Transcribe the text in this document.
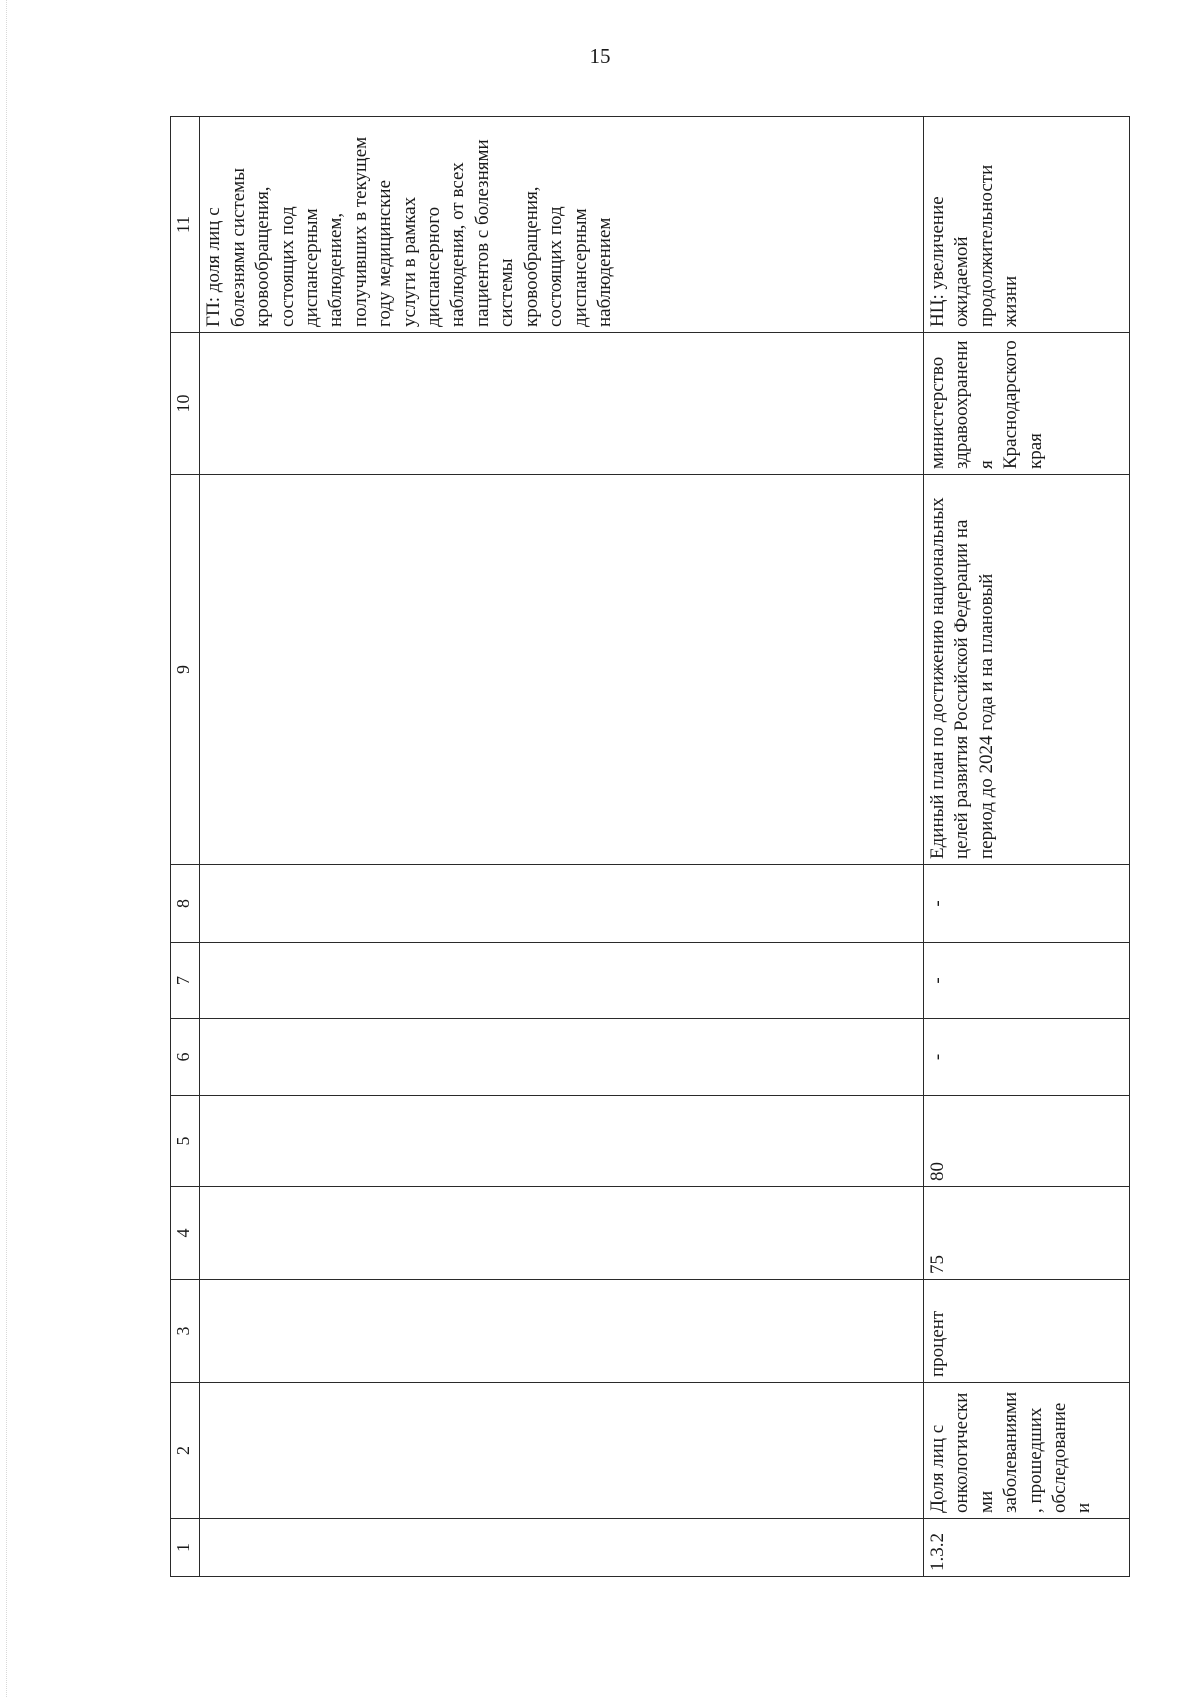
15
1	2	3	4	5	6	7	8	9	10	11
										ГП: доля лиц с болезнями системы кровообращения, состоящих под диспансерным наблюдением, получивших в текущем году медицинские услуги в рамках диспансерного наблюдения, от всех пациентов с болезнями системы кровообращения, состоящих под диспансерным наблюдением
1.3.2	Доля лиц с онкологическими заболеваниями, прошедших обследование и	процент	75	80	-	-	-	Единый план по достижению национальных целей развития Российской Федерации на период до 2024 года и на плановый	министерство здравоохранения Краснодарского края	НЦ: увеличение ожидаемой продолжительности жизни
